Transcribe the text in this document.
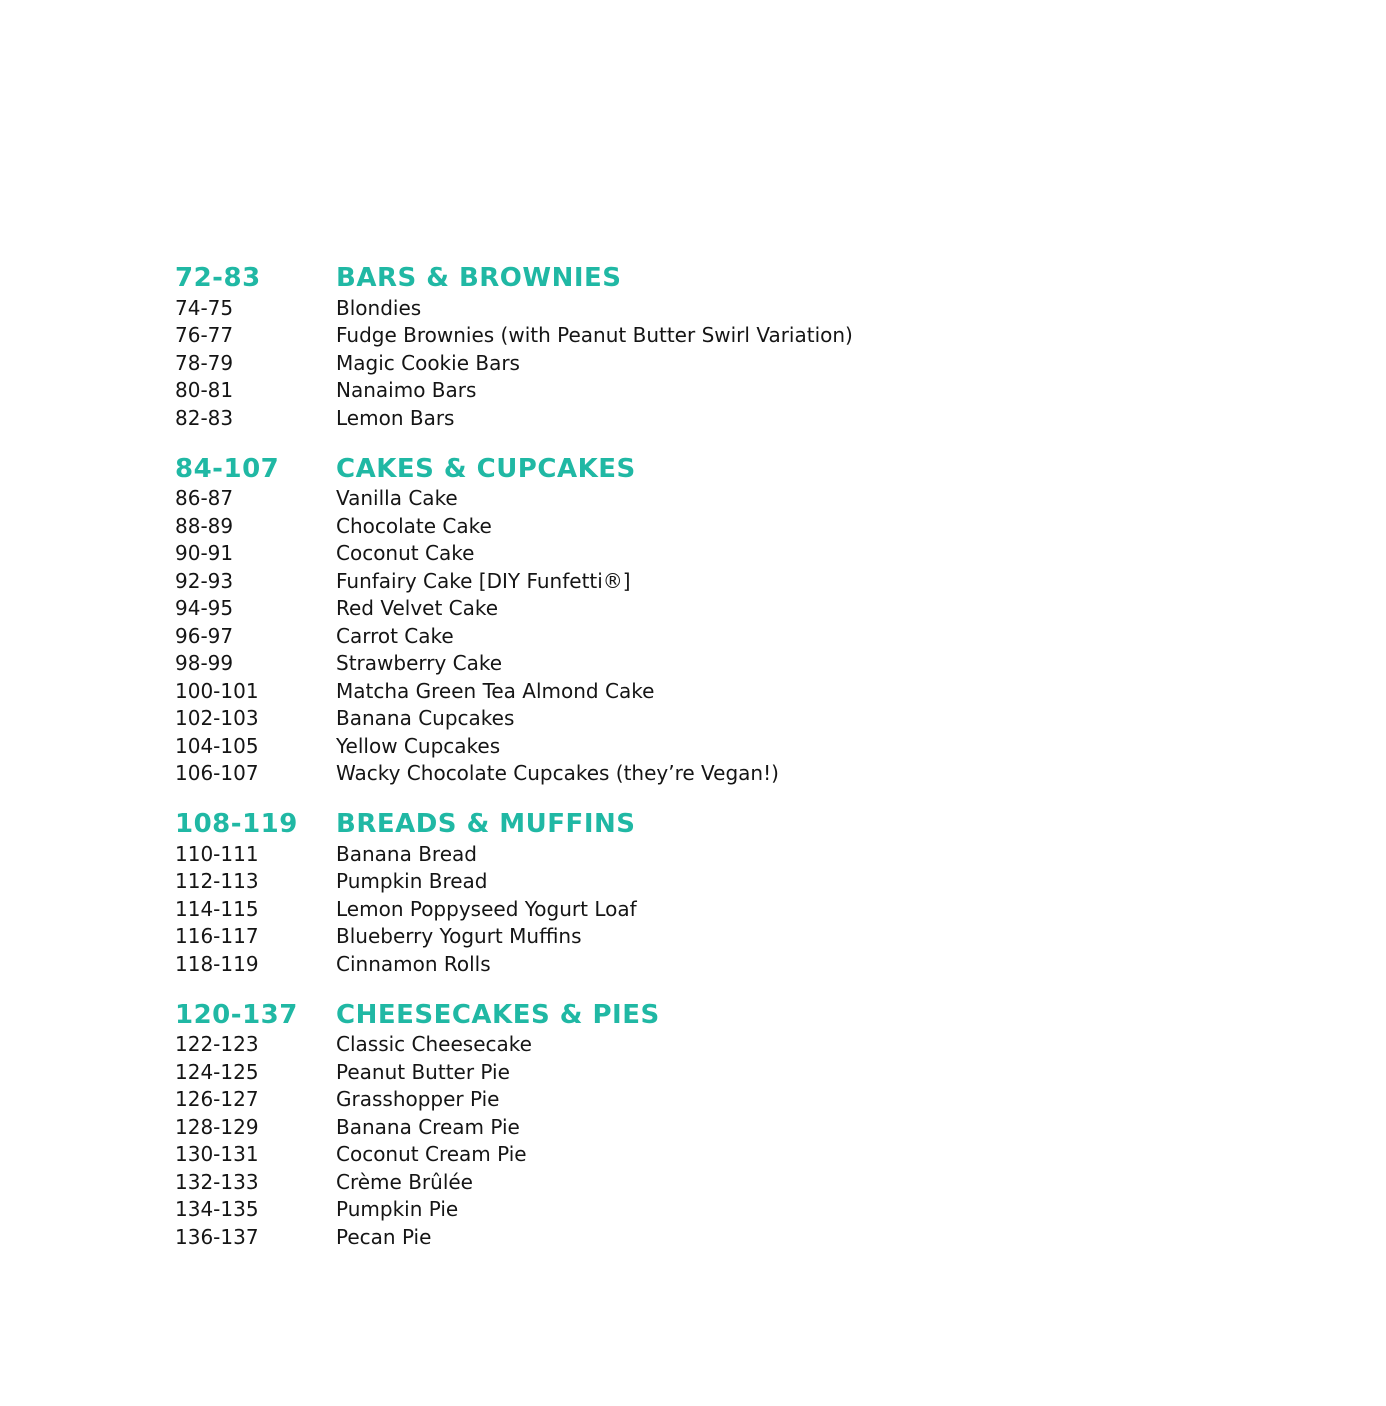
72-83	BARS & BROWNIES
74-75	Blondies
76-77	Fudge Brownies (with Peanut Butter Swirl Variation)
78-79	Magic Cookie Bars
80-81	Nanaimo Bars
82-83	Lemon Bars
84-107	CAKES & CUPCAKES
86-87	Vanilla Cake
88-89	Chocolate Cake
90-91	Coconut Cake
92-93	Funfairy Cake [DIY Funfetti®]
94-95	Red Velvet Cake
96-97	Carrot Cake
98-99	Strawberry Cake
100-101	Matcha Green Tea Almond Cake
102-103	Banana Cupcakes
104-105	Yellow Cupcakes
106-107	Wacky Chocolate Cupcakes (they’re Vegan!)
108-119	BREADS & MUFFINS
110-111	Banana Bread
112-113	Pumpkin Bread
114-115	Lemon Poppyseed Yogurt Loaf
116-117	Blueberry Yogurt Muffins
118-119	Cinnamon Rolls
120-137	CHEESECAKES & PIES
122-123	Classic Cheesecake
124-125	Peanut Butter Pie
126-127	Grasshopper Pie
128-129	Banana Cream Pie
130-131	Coconut Cream Pie
132-133	Crème Brûlée
134-135	Pumpkin Pie
136-137	Pecan Pie
